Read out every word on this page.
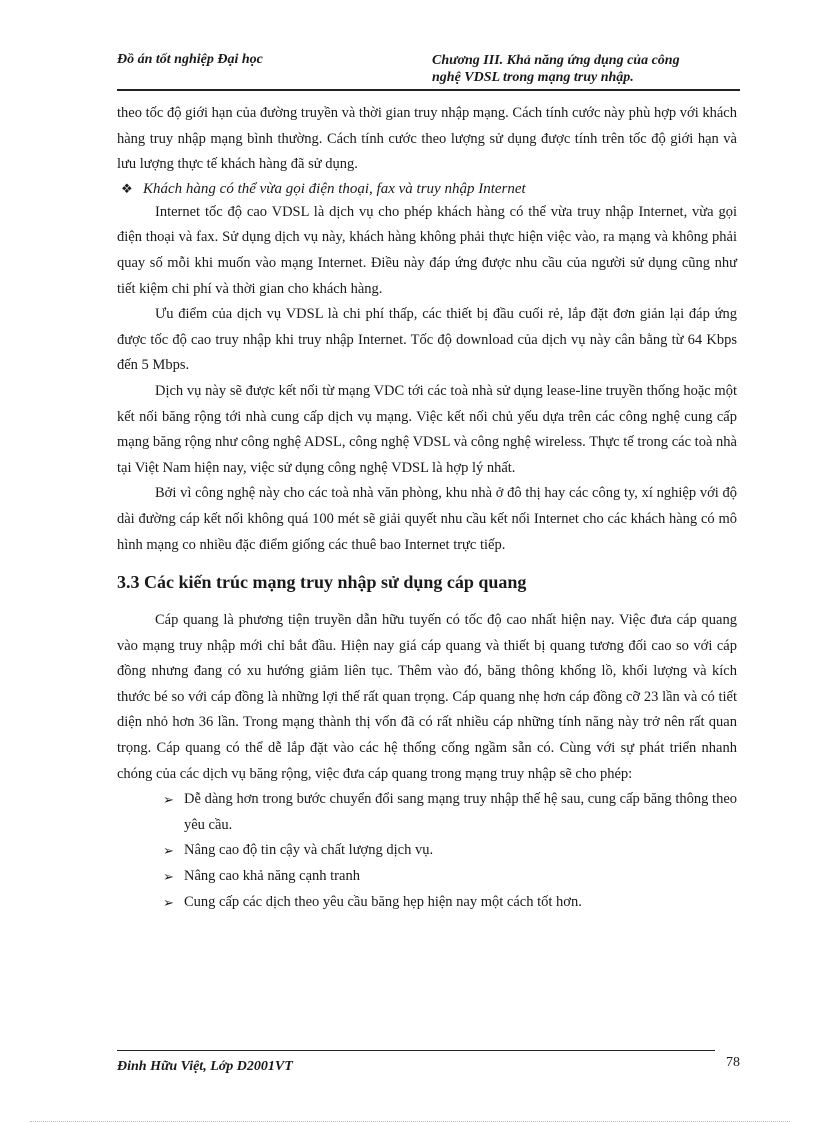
Đồ án tốt nghiệp Đại học	Chương III. Khả năng ứng dụng của công
nghệ VDSL trong mạng truy nhập.

theo tốc độ giới hạn của đường truyền và thời gian truy nhập mạng. Cách tính cước này phù hợp với khách hàng truy nhập mạng bình thường. Cách tính cước theo lượng sử dụng được tính trên tốc độ giới hạn và lưu lượng thực tế khách hàng đã sử dụng.

❖ Khách hàng có thể vừa gọi điện thoại, fax và truy nhập Internet

Internet tốc độ cao VDSL là dịch vụ cho phép khách hàng có thể vừa truy nhập Internet, vừa gọi điện thoại và fax. Sử dụng dịch vụ này, khách hàng không phải thực hiện việc vào, ra mạng và không phải quay số mỗi khi muốn vào mạng Internet. Điều này đáp ứng được nhu cầu của người sử dụng cũng như tiết kiệm chi phí và thời gian cho khách hàng.

Ưu điểm của dịch vụ VDSL là chi phí thấp, các thiết bị đầu cuối rẻ, lắp đặt đơn giản lại đáp ứng được tốc độ cao truy nhập khi truy nhập Internet. Tốc độ download của dịch vụ này cân bằng từ 64 Kbps đến 5 Mbps.

Dịch vụ này sẽ được kết nối từ mạng VDC tới các toà nhà sử dụng lease-line truyền thống hoặc một kết nối băng rộng tới nhà cung cấp dịch vụ mạng. Việc kết nối chủ yếu dựa trên các công nghệ cung cấp mạng băng rộng như công nghệ ADSL, công nghệ VDSL và công nghệ wireless. Thực tế trong các toà nhà tại Việt Nam hiện nay, việc sử dụng công nghệ VDSL là hợp lý nhất.

Bởi vì công nghệ này cho các toà nhà văn phòng, khu nhà ở đô thị hay các công ty, xí nghiệp với độ dài đường cáp kết nối không quá 100 mét sẽ giải quyết nhu cầu kết nối Internet cho các khách hàng có mô hình mạng co nhiều đặc điểm giống các thuê bao Internet trực tiếp.

3.3 Các kiến trúc mạng truy nhập sử dụng cáp quang

Cáp quang là phương tiện truyền dẫn hữu tuyến có tốc độ cao nhất hiện nay. Việc đưa cáp quang vào mạng truy nhập mới chỉ bắt đầu. Hiện nay giá cáp quang và thiết bị quang tương đối cao so với cáp đồng nhưng đang có xu hướng giảm liên tục. Thêm vào đó, băng thông khổng lồ, khối lượng và kích thước bé so với cáp đồng là những lợi thế rất quan trọng. Cáp quang nhẹ hơn cáp đồng cỡ 23 lần và có tiết diện nhỏ hơn 36 lần. Trong mạng thành thị vốn đã có rất nhiều cáp những tính năng này trở nên rất quan trọng. Cáp quang có thể dễ lắp đặt vào các hệ thống cống ngầm sẵn có. Cùng với sự phát triển nhanh chóng của các dịch vụ băng rộng, việc đưa cáp quang trong mạng truy nhập sẽ cho phép:

➢ Dễ dàng hơn trong bước chuyển đổi sang mạng truy nhập thế hệ sau, cung cấp băng thông theo yêu cầu.
➢ Nâng cao độ tin cậy và chất lượng dịch vụ.
➢ Nâng cao khả năng cạnh tranh
➢ Cung cấp các dịch theo yêu cầu băng hẹp hiện nay một cách tốt hơn.
Đinh Hữu Việt, Lớp D2001VT	78
